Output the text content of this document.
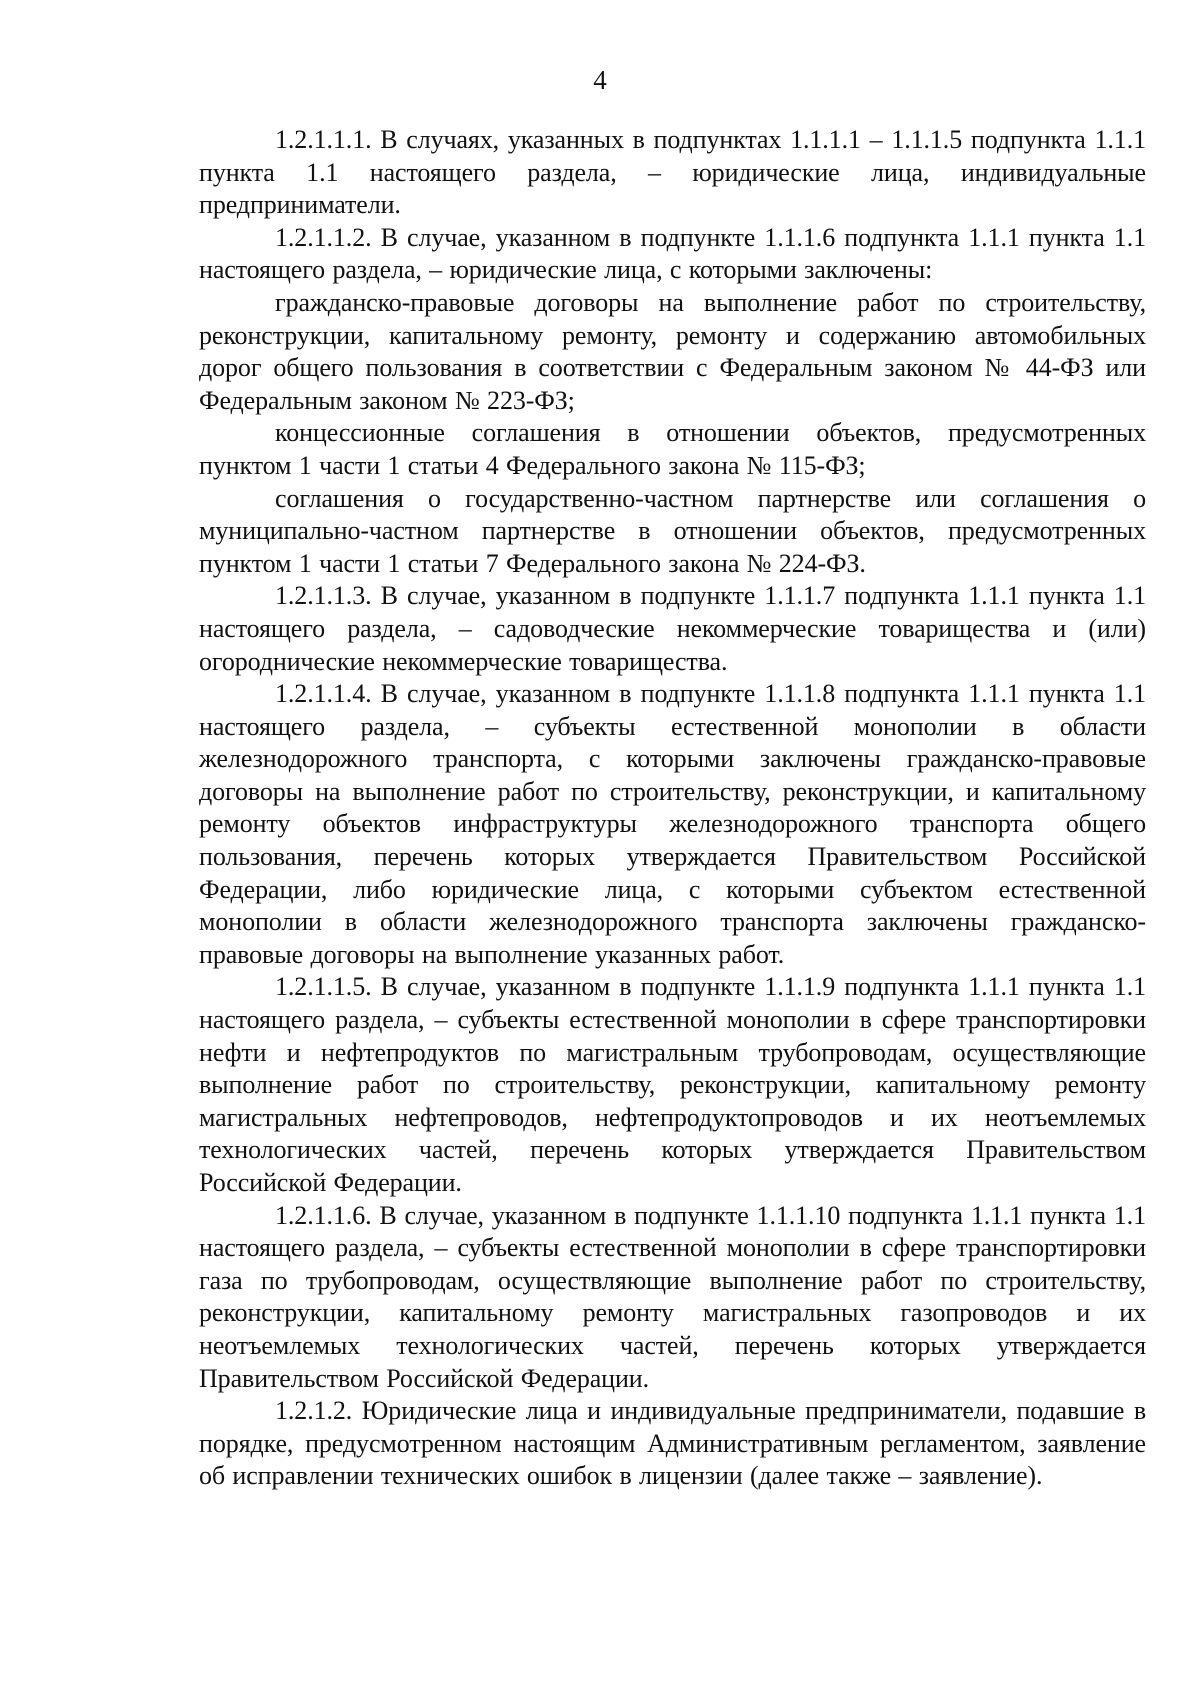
4

1.2.1.1.1. В случаях, указанных в подпунктах 1.1.1.1 – 1.1.1.5 подпункта 1.1.1 пункта 1.1 настоящего раздела, – юридические лица, индивидуальные предприниматели.

1.2.1.1.2. В случае, указанном в подпункте 1.1.1.6 подпункта 1.1.1 пункта 1.1 настоящего раздела, – юридические лица, с которыми заключены:

гражданско-правовые договоры на выполнение работ по строительству, реконструкции, капитальному ремонту, ремонту и содержанию автомобильных дорог общего пользования в соответствии с Федеральным законом № 44-ФЗ или Федеральным законом № 223-ФЗ;

концессионные соглашения в отношении объектов, предусмотренных пунктом 1 части 1 статьи 4 Федерального закона № 115-ФЗ;

соглашения о государственно-частном партнерстве или соглашения о муниципально-частном партнерстве в отношении объектов, предусмотренных пунктом 1 части 1 статьи 7 Федерального закона № 224-ФЗ.

1.2.1.1.3. В случае, указанном в подпункте 1.1.1.7 подпункта 1.1.1 пункта 1.1 настоящего раздела, – садоводческие некоммерческие товарищества и (или) огороднические некоммерческие товарищества.

1.2.1.1.4. В случае, указанном в подпункте 1.1.1.8 подпункта 1.1.1 пункта 1.1 настоящего раздела, – субъекты естественной монополии в области железнодорожного транспорта, с которыми заключены гражданско-правовые договоры на выполнение работ по строительству, реконструкции, и капитальному ремонту объектов инфраструктуры железнодорожного транспорта общего пользования, перечень которых утверждается Правительством Российской Федерации, либо юридические лица, с которыми субъектом естественной монополии в области железнодорожного транспорта заключены гражданско-правовые договоры на выполнение указанных работ.

1.2.1.1.5. В случае, указанном в подпункте 1.1.1.9 подпункта 1.1.1 пункта 1.1 настоящего раздела, – субъекты естественной монополии в сфере транспортировки нефти и нефтепродуктов по магистральным трубопроводам, осуществляющие выполнение работ по строительству, реконструкции, капитальному ремонту магистральных нефтепроводов, нефтепродуктопроводов и их неотъемлемых технологических частей, перечень которых утверждается Правительством Российской Федерации.

1.2.1.1.6. В случае, указанном в подпункте 1.1.1.10 подпункта 1.1.1 пункта 1.1 настоящего раздела, – субъекты естественной монополии в сфере транспортировки газа по трубопроводам, осуществляющие выполнение работ по строительству, реконструкции, капитальному ремонту магистральных газопроводов и их неотъемлемых технологических частей, перечень которых утверждается Правительством Российской Федерации.

1.2.1.2. Юридические лица и индивидуальные предприниматели, подавшие в порядке, предусмотренном настоящим Административным регламентом, заявление об исправлении технических ошибок в лицензии (далее также – заявление).
